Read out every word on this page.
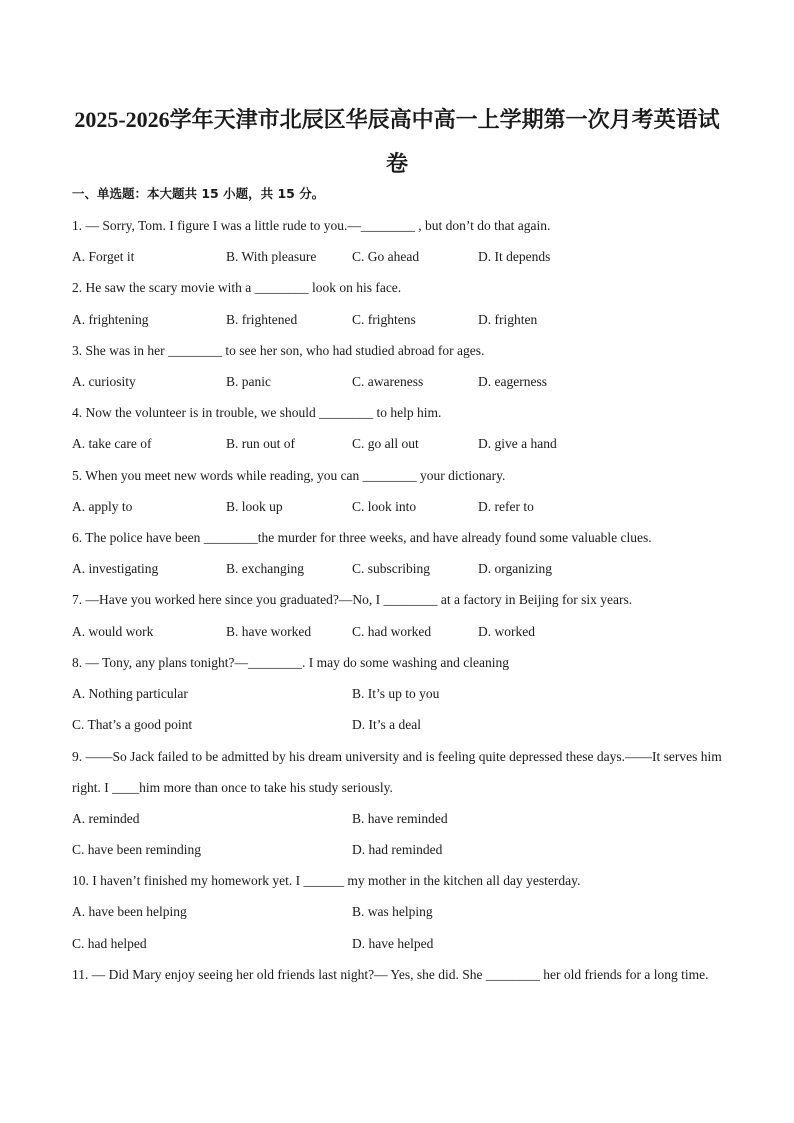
2025-2026学年天津市北辰区华辰高中高一上学期第一次月考英语试
卷
一、单选题：本大题共 15 小题，共 15 分。
1. — Sorry, Tom. I figure I was a little rude to you.—________ , but don’t do that again.
A. Forget it	B. With pleasure	C. Go ahead	D. It depends
2. He saw the scary movie with a ________ look on his face.
A. frightening	B. frightened	C. frightens	D. frighten
3. She was in her ________ to see her son, who had studied abroad for ages.
A. curiosity	B. panic	C. awareness	D. eagerness
4. Now the volunteer is in trouble, we should ________ to help him.
A. take care of	B. run out of	C. go all out	D. give a hand
5. When you meet new words while reading, you can ________ your dictionary.
A. apply to	B. look up	C. look into	D. refer to
6. The police have been ________the murder for three weeks, and have already found some valuable clues.
A. investigating	B. exchanging	C. subscribing	D. organizing
7. —Have you worked here since you graduated?—No, I ________ at a factory in Beijing for six years.
A. would work	B. have worked	C. had worked	D. worked
8. — Tony, any plans tonight?—________. I may do some washing and cleaning
A. Nothing particular	B. It’s up to you
C. That’s a good point	D. It’s a deal
9. ——So Jack failed to be admitted by his dream university and is feeling quite depressed these days.——It serves him right. I ____him more than once to take his study seriously.
A. reminded	B. have reminded
C. have been reminding	D. had reminded
10. I haven’t finished my homework yet. I ______ my mother in the kitchen all day yesterday.
A. have been helping	B. was helping
C. had helped	D. have helped
11. — Did Mary enjoy seeing her old friends last night?— Yes, she did. She ________ her old friends for a long time.
